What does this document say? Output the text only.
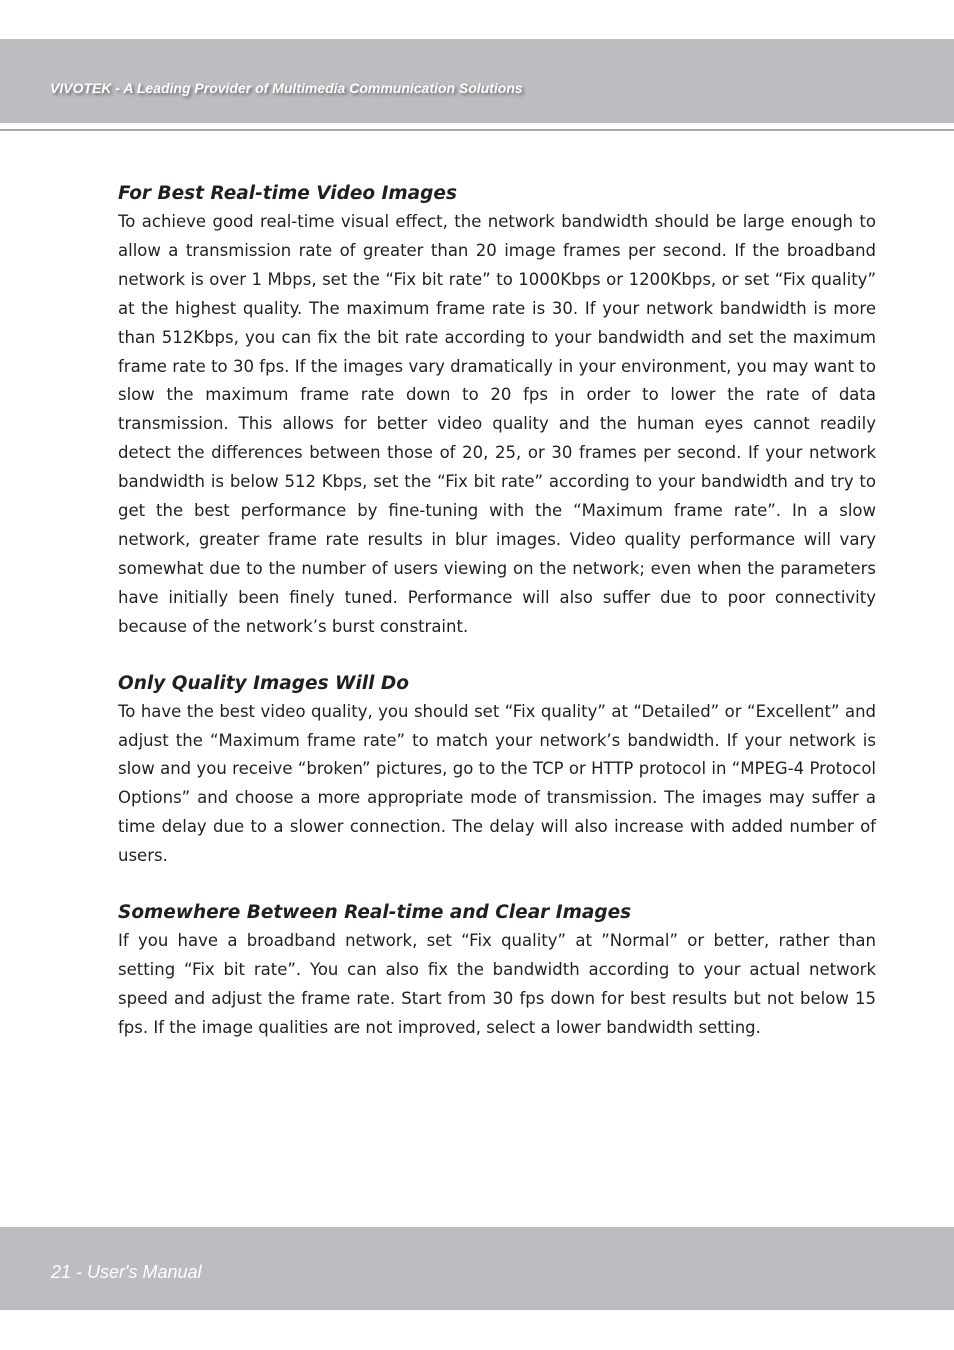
VIVOTEK - A Leading Provider of Multimedia Communication Solutions
For Best Real-time Video Images

To achieve good real-time visual effect, the network bandwidth should be large enough to allow a transmission rate of greater than 20 image frames per second. If the broadband network is over 1 Mbps, set the “Fix bit rate” to 1000Kbps or 1200Kbps, or set “Fix quality” at the highest quality. The maximum frame rate is 30. If your network bandwidth is more than 512Kbps, you can fix the bit rate according to your bandwidth and set the maximum frame rate to 30 fps. If the images vary dramatically in your environment, you may want to slow the maximum frame rate down to 20 fps in order to lower the rate of data transmission. This allows for better video quality and the human eyes cannot readily detect the differences between those of 20, 25, or 30 frames per second. If your network bandwidth is below 512 Kbps, set the “Fix bit rate” according to your bandwidth and try to get the best performance by fine-tuning with the “Maximum frame rate”. In a slow network, greater frame rate results in blur images. Video quality performance will vary somewhat due to the number of users viewing on the network; even when the parameters have initially been finely tuned. Performance will also suffer due to poor connectivity because of the network’s burst constraint.

Only Quality Images Will Do

To have the best video quality, you should set “Fix quality” at “Detailed” or “Excellent” and adjust the “Maximum frame rate” to match your network’s bandwidth. If your network is slow and you receive “broken” pictures, go to the TCP or HTTP protocol in “MPEG-4 Protocol Options” and choose a more appropriate mode of transmission. The images may suffer a time delay due to a slower connection. The delay will also increase with added number of users.

Somewhere Between Real-time and Clear Images

If you have a broadband network, set “Fix quality” at ”Normal” or better, rather than setting “Fix bit rate”. You can also fix the bandwidth according to your actual network speed and adjust the frame rate. Start from 30 fps down for best results but not below 15 fps. If the image qualities are not improved, select a lower bandwidth setting.

21 - User's Manual
